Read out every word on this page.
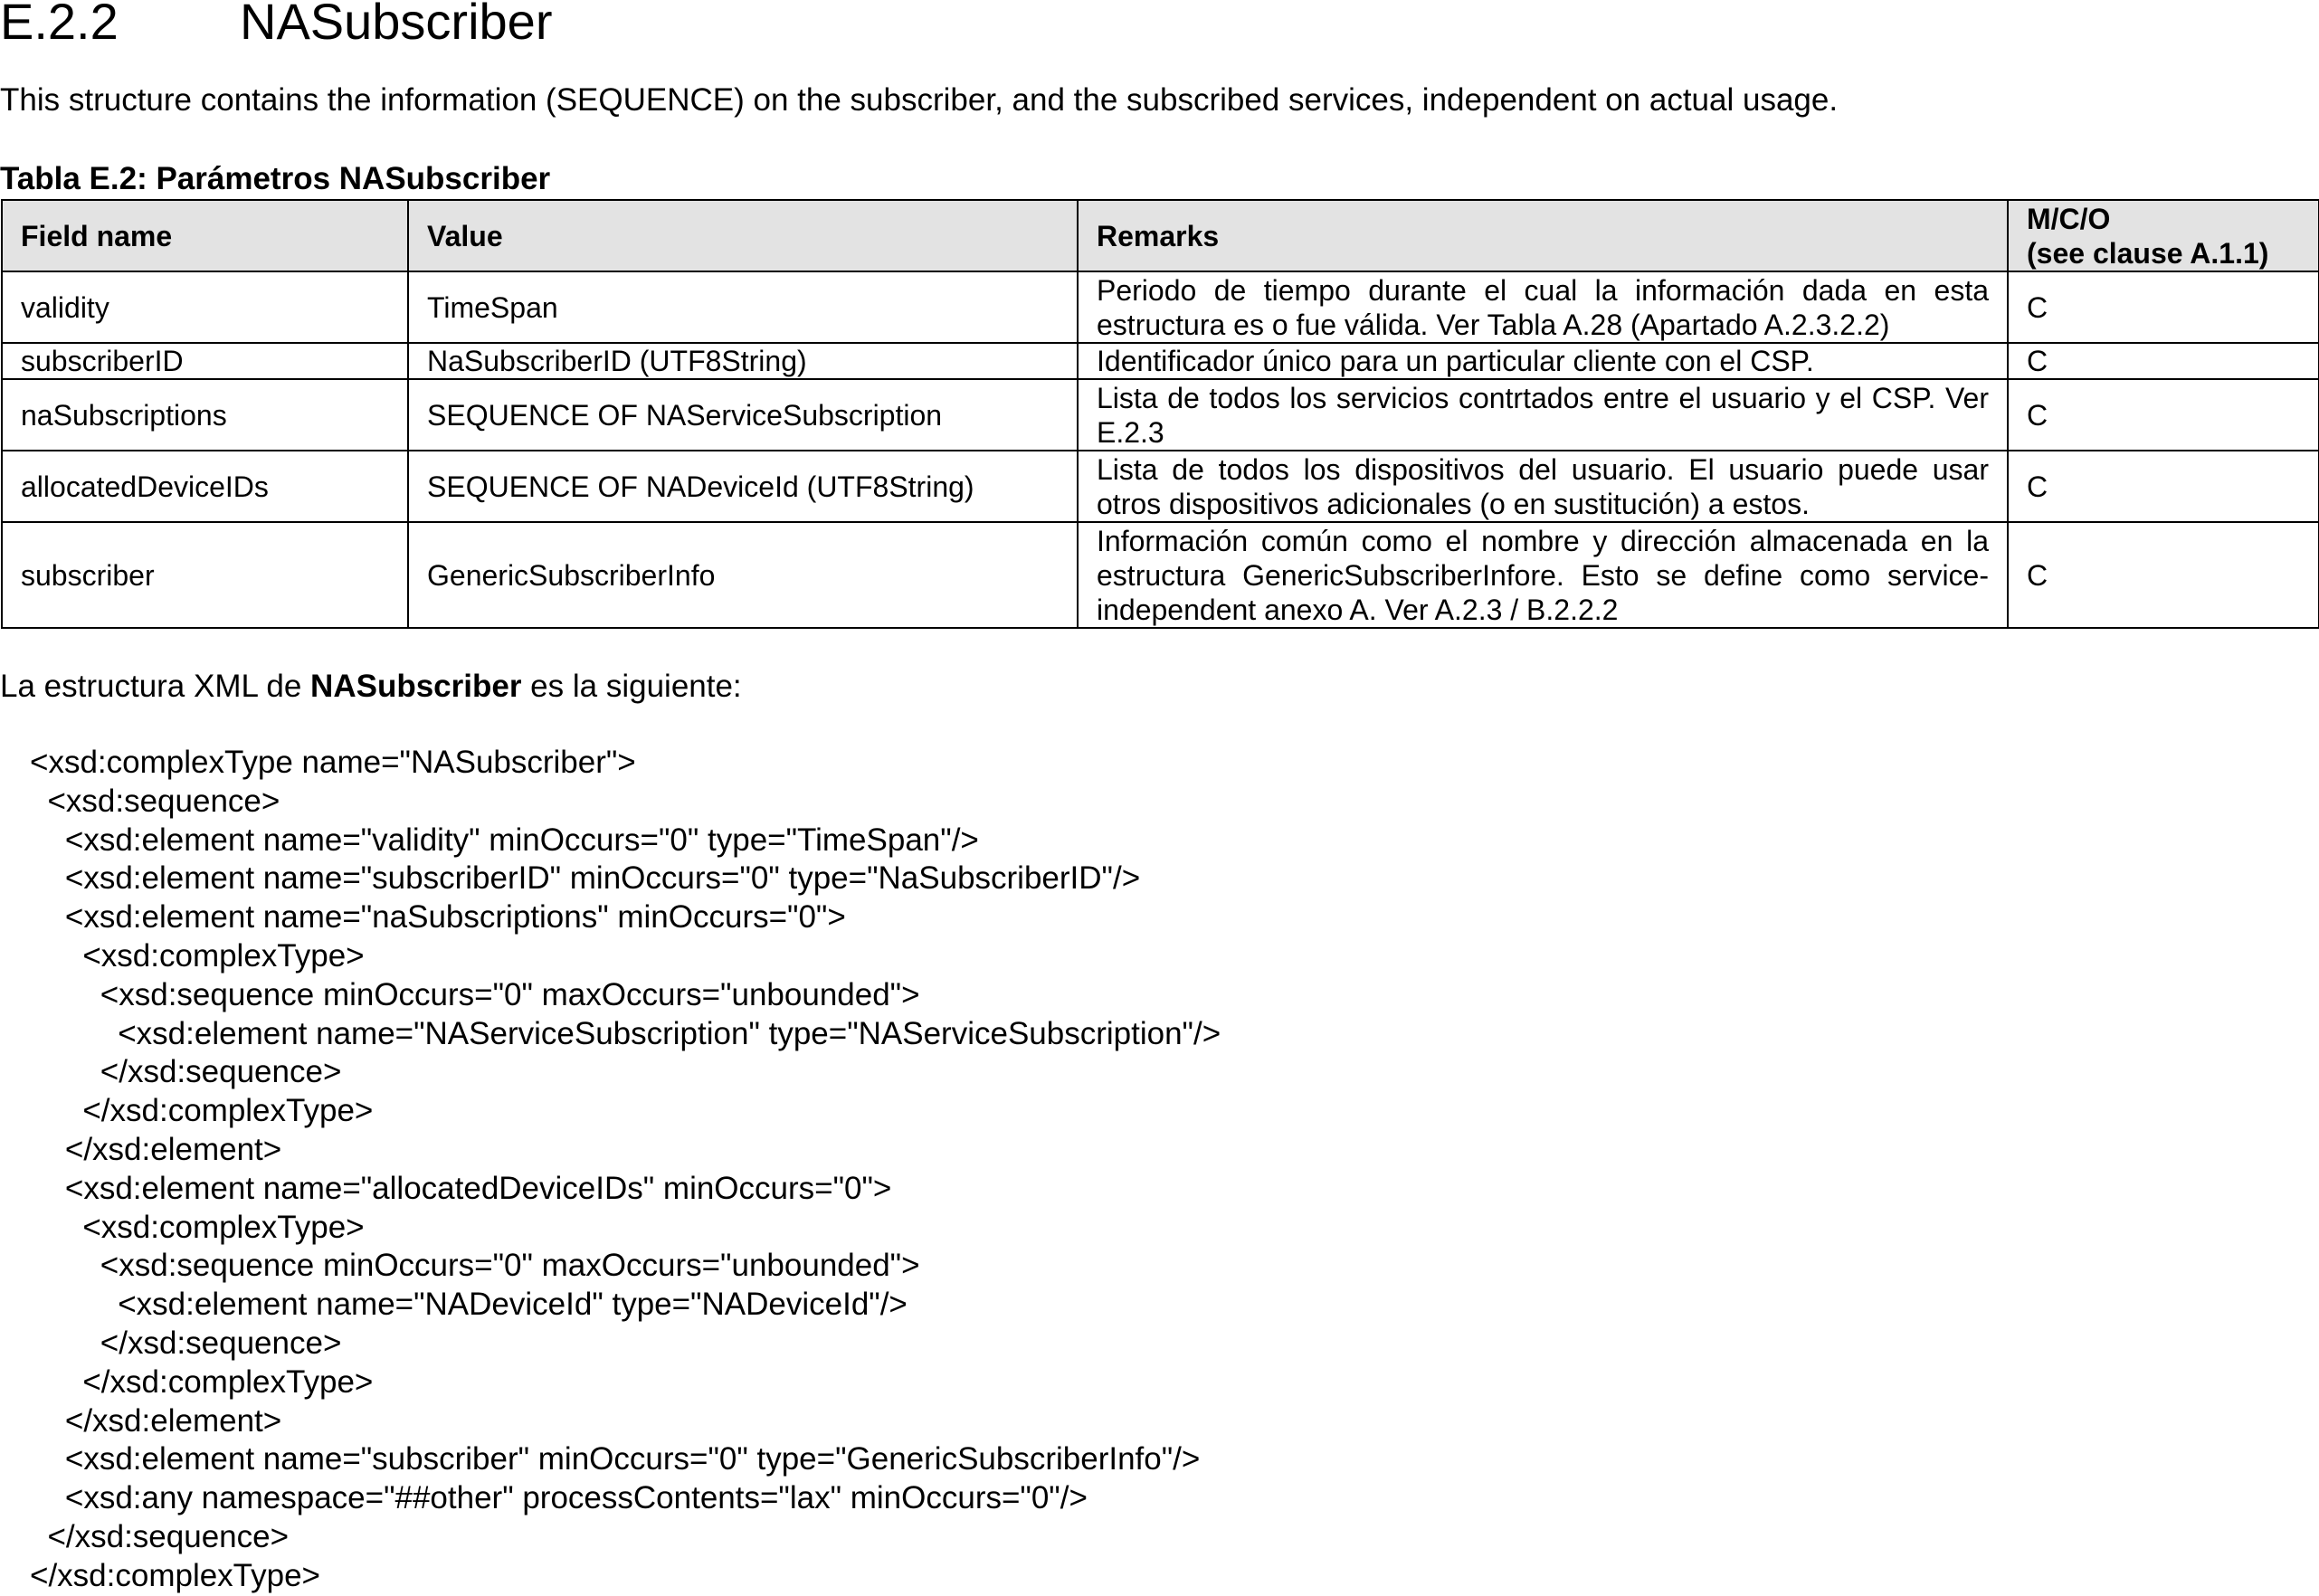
E.2.2 NASubscriber
This structure contains the information (SEQUENCE) on the subscriber, and the subscribed services, independent on actual usage.
Tabla E.2: Parámetros NASubscriber
Field name	Value	Remarks	M/C/O
(see clause A.1.1)
validity	TimeSpan	Periodo de tiempo durante el cual la información dada en esta estructura es o fue válida. Ver Tabla A.28 (Apartado A.2.3.2.2)	C
subscriberID	NaSubscriberID (UTF8String)	Identificador único para un particular cliente con el CSP.	C
naSubscriptions	SEQUENCE OF NAServiceSubscription	Lista de todos los servicios contrtados entre el usuario y el CSP. Ver E.2.3	C
allocatedDeviceIDs	SEQUENCE OF NADeviceId (UTF8String)	Lista de todos los dispositivos del usuario. El usuario puede usar otros dispositivos adicionales (o en sustitución) a estos.	C
subscriber	GenericSubscriberInfo	Información común como el nombre y dirección almacenada en la estructura GenericSubscriberInfore. Esto se define como service-independent anexo A. Ver A.2.3 / B.2.2.2	C
La estructura XML de NASubscriber es la siguiente:
<xsd:complexType name="NASubscriber">
<xsd:sequence>
<xsd:element name="validity" minOccurs="0" type="TimeSpan"/>
<xsd:element name="subscriberID" minOccurs="0" type="NaSubscriberID"/>
<xsd:element name="naSubscriptions" minOccurs="0">
<xsd:complexType>
<xsd:sequence minOccurs="0" maxOccurs="unbounded">
<xsd:element name="NAServiceSubscription" type="NAServiceSubscription"/>
</xsd:sequence>
</xsd:complexType>
</xsd:element>
<xsd:element name="allocatedDeviceIDs" minOccurs="0">
<xsd:complexType>
<xsd:sequence minOccurs="0" maxOccurs="unbounded">
<xsd:element name="NADeviceId" type="NADeviceId"/>
</xsd:sequence>
</xsd:complexType>
</xsd:element>
<xsd:element name="subscriber" minOccurs="0" type="GenericSubscriberInfo"/>
<xsd:any namespace="##other" processContents="lax" minOccurs="0"/>
</xsd:sequence>
</xsd:complexType>
